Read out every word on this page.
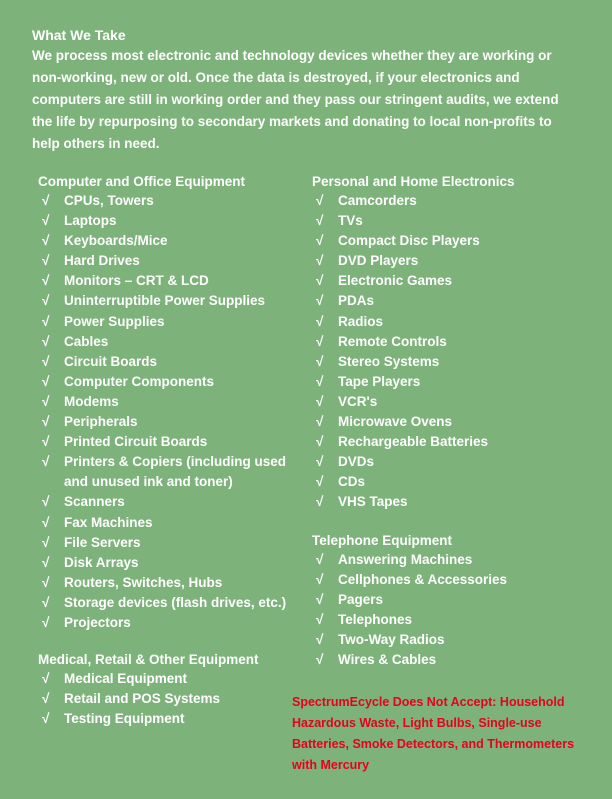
What We Take

We process most electronic and technology devices whether they are working or non-working, new or old. Once the data is destroyed, if your electronics and computers are still in working order and they pass our stringent audits, we extend the life by repurposing to secondary markets and donating to local non-profits to help others in need.

Computer and Office Equipment
√ CPUs, Towers
√ Laptops
√ Keyboards/Mice
√ Hard Drives
√ Monitors – CRT & LCD
√ Uninterruptible Power Supplies
√ Power Supplies
√ Cables
√ Circuit Boards
√ Computer Components
√ Modems
√ Peripherals
√ Printed Circuit Boards
√ Printers & Copiers (including used and unused ink and toner)
√ Scanners
√ Fax Machines
√ File Servers
√ Disk Arrays
√ Routers, Switches, Hubs
√ Storage devices (flash drives, etc.)
√ Projectors
Medical, Retail & Other Equipment
√ Medical Equipment
√ Retail and POS Systems
√ Testing Equipment
Personal and Home Electronics
√ Camcorders
√ TVs
√ Compact Disc Players
√ DVD Players
√ Electronic Games
√ PDAs
√ Radios
√ Remote Controls
√ Stereo Systems
√ Tape Players
√ VCR's
√ Microwave Ovens
√ Rechargeable Batteries
√ DVDs
√ CDs
√ VHS Tapes
Telephone Equipment
√ Answering Machines
√ Cellphones & Accessories
√ Pagers
√ Telephones
√ Two-Way Radios
√ Wires & Cables

SpectrumEcycle Does Not Accept: Household Hazardous Waste, Light Bulbs, Single-use Batteries, Smoke Detectors, and Thermometers with Mercury
